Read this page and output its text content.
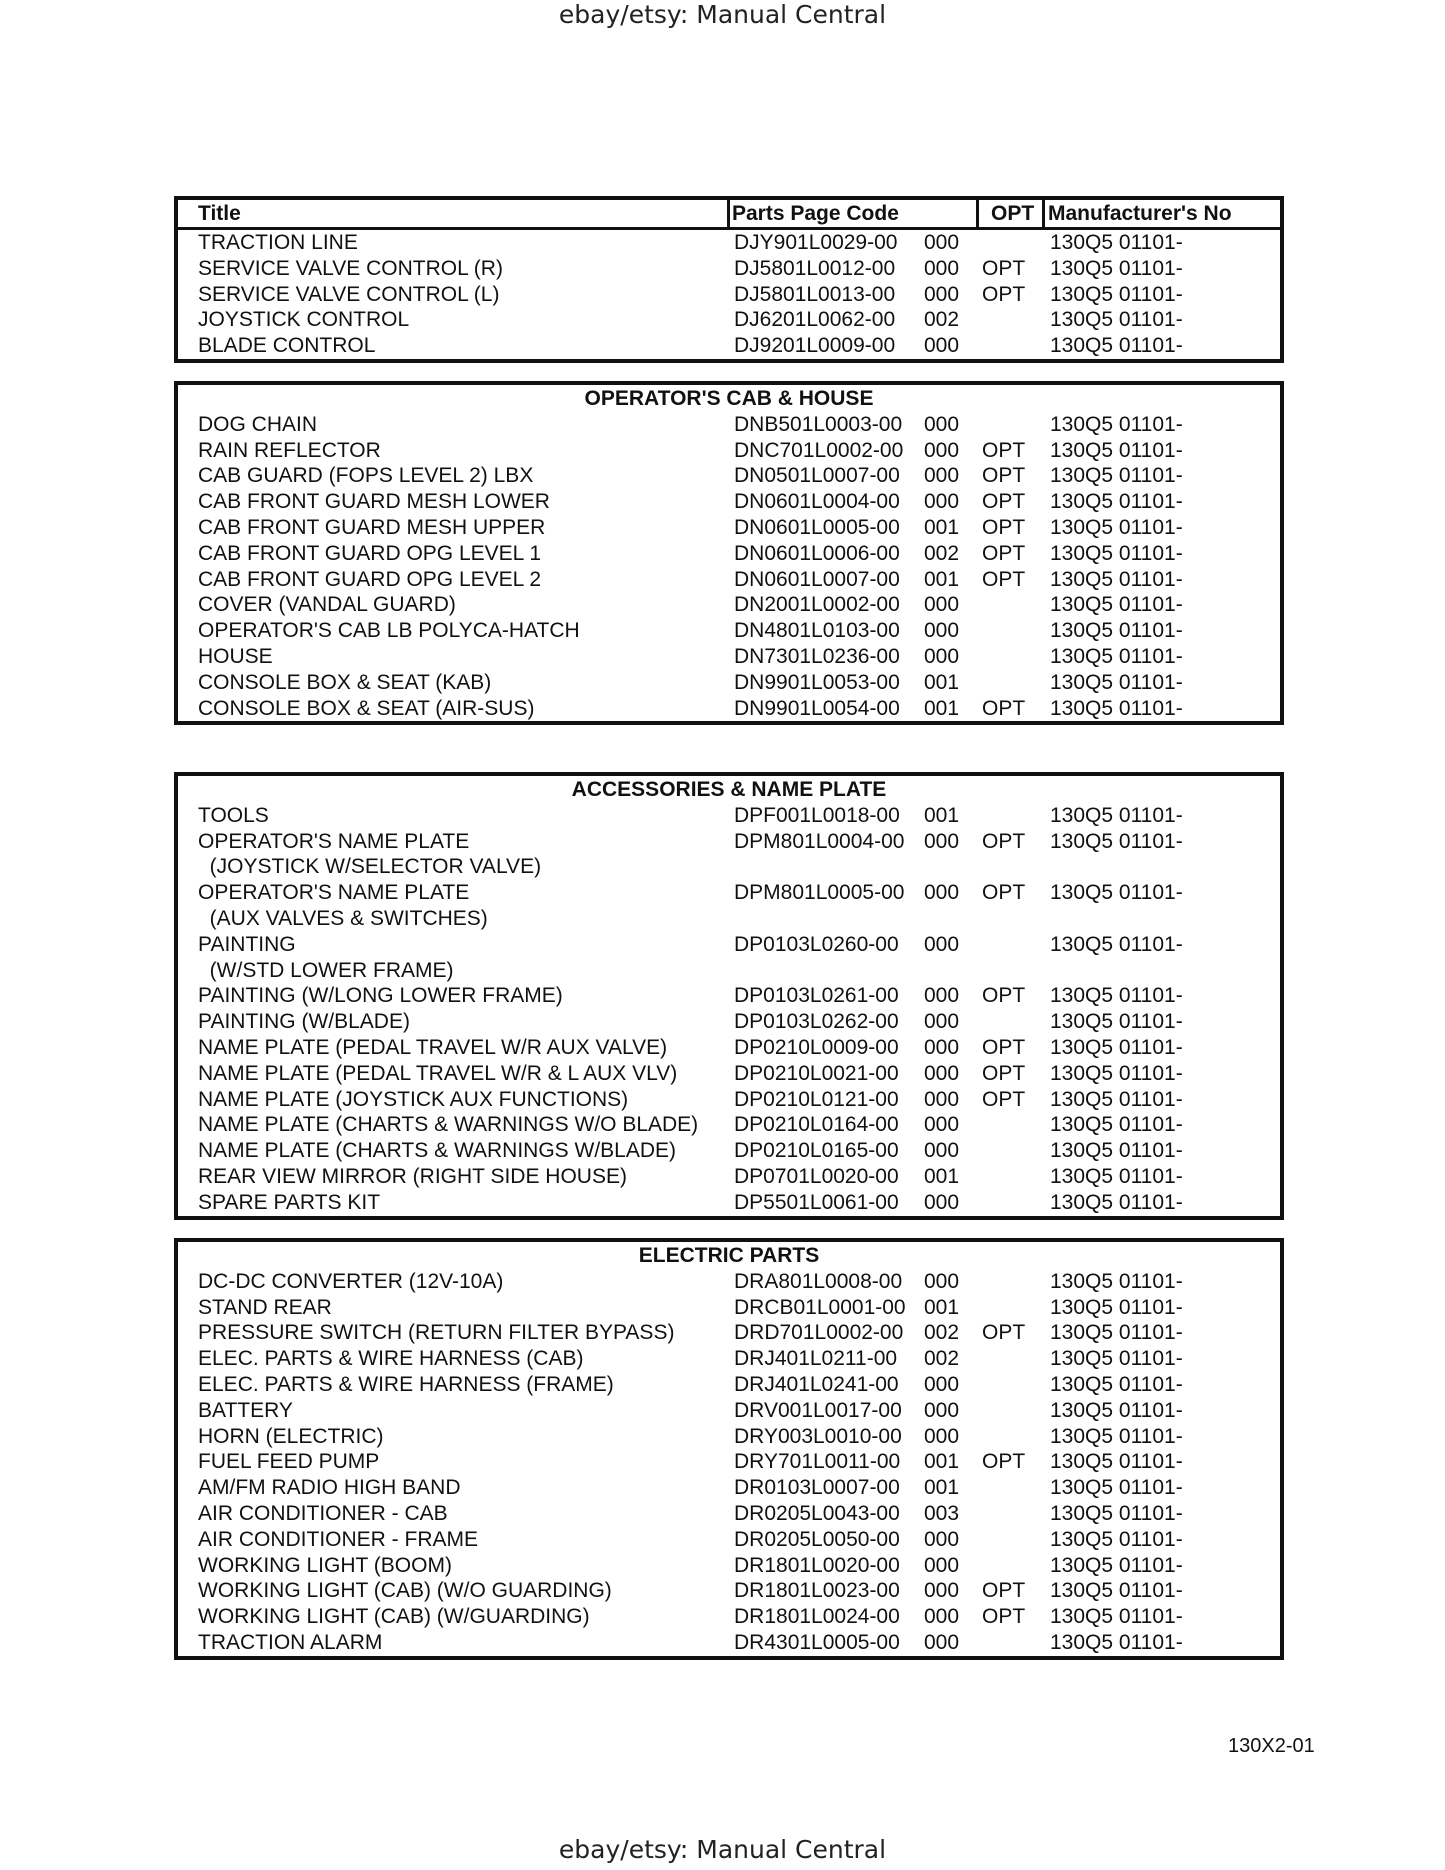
ebay/etsy: Manual Central
Title	Parts Page Code	OPT Manufacturer's No
TRACTION LINE	DJY901L0029-00 000	130Q5 01101-
SERVICE VALVE CONTROL (R)	DJ5801L0012-00 000 OPT 130Q5 01101-
SERVICE VALVE CONTROL (L)	DJ5801L0013-00 000 OPT 130Q5 01101-
JOYSTICK CONTROL	DJ6201L0062-00 002	130Q5 01101-
BLADE CONTROL	DJ9201L0009-00 000	130Q5 01101-
OPERATOR'S CAB & HOUSE
DOG CHAIN	DNB501L0003-00 000	130Q5 01101-
RAIN REFLECTOR	DNC701L0002-00 000 OPT 130Q5 01101-
CAB GUARD (FOPS LEVEL 2) LBX	DN0501L0007-00 000 OPT 130Q5 01101-
CAB FRONT GUARD MESH LOWER	DN0601L0004-00 000 OPT 130Q5 01101-
CAB FRONT GUARD MESH UPPER	DN0601L0005-00 001 OPT 130Q5 01101-
CAB FRONT GUARD OPG LEVEL 1	DN0601L0006-00 002 OPT 130Q5 01101-
CAB FRONT GUARD OPG LEVEL 2	DN0601L0007-00 001 OPT 130Q5 01101-
COVER (VANDAL GUARD)	DN2001L0002-00 000	130Q5 01101-
OPERATOR'S CAB LB POLYCA-HATCH	DN4801L0103-00 000	130Q5 01101-
HOUSE	DN7301L0236-00 000	130Q5 01101-
CONSOLE BOX & SEAT (KAB)	DN9901L0053-00 001	130Q5 01101-
CONSOLE BOX & SEAT (AIR-SUS)	DN9901L0054-00 001 OPT 130Q5 01101-
ACCESSORIES & NAME PLATE
TOOLS	DPF001L0018-00 001	130Q5 01101-
OPERATOR'S NAME PLATE	DPM801L0004-00 000 OPT 130Q5 01101-
(JOYSTICK W/SELECTOR VALVE)
OPERATOR'S NAME PLATE	DPM801L0005-00 000 OPT 130Q5 01101-
(AUX VALVES & SWITCHES)
PAINTING	DP0103L0260-00 000	130Q5 01101-
(W/STD LOWER FRAME)
PAINTING (W/LONG LOWER FRAME)	DP0103L0261-00 000 OPT 130Q5 01101-
PAINTING (W/BLADE)	DP0103L0262-00 000	130Q5 01101-
NAME PLATE (PEDAL TRAVEL W/R AUX VALVE)	DP0210L0009-00 000 OPT 130Q5 01101-
NAME PLATE (PEDAL TRAVEL W/R & L AUX VLV)	DP0210L0021-00 000 OPT 130Q5 01101-
NAME PLATE (JOYSTICK AUX FUNCTIONS)	DP0210L0121-00 000 OPT 130Q5 01101-
NAME PLATE (CHARTS & WARNINGS W/O BLADE) DP0210L0164-00 000	130Q5 01101-
NAME PLATE (CHARTS & WARNINGS W/BLADE)	DP0210L0165-00 000	130Q5 01101-
REAR VIEW MIRROR (RIGHT SIDE HOUSE)	DP0701L0020-00 001	130Q5 01101-
SPARE PARTS KIT	DP5501L0061-00 000	130Q5 01101-
ELECTRIC PARTS
DC-DC CONVERTER (12V-10A)	DRA801L0008-00 000	130Q5 01101-
STAND REAR	DRCB01L0001-00 001	130Q5 01101-
PRESSURE SWITCH (RETURN FILTER BYPASS)	DRD701L0002-00 002 OPT 130Q5 01101-
ELEC. PARTS & WIRE HARNESS (CAB)	DRJ401L0211-00 002	130Q5 01101-
ELEC. PARTS & WIRE HARNESS (FRAME)	DRJ401L0241-00 000	130Q5 01101-
BATTERY	DRV001L0017-00 000	130Q5 01101-
HORN (ELECTRIC)	DRY003L0010-00 000	130Q5 01101-
FUEL FEED PUMP	DRY701L0011-00 001 OPT 130Q5 01101-
AM/FM RADIO HIGH BAND	DR0103L0007-00 001	130Q5 01101-
AIR CONDITIONER - CAB	DR0205L0043-00 003	130Q5 01101-
AIR CONDITIONER - FRAME	DR0205L0050-00 000	130Q5 01101-
WORKING LIGHT (BOOM)	DR1801L0020-00 000	130Q5 01101-
WORKING LIGHT (CAB) (W/O GUARDING)	DR1801L0023-00 000 OPT 130Q5 01101-
WORKING LIGHT (CAB) (W/GUARDING)	DR1801L0024-00 000 OPT 130Q5 01101-
TRACTION ALARM	DR4301L0005-00 000	130Q5 01101-
130X2-01
ebay/etsy: Manual Central
